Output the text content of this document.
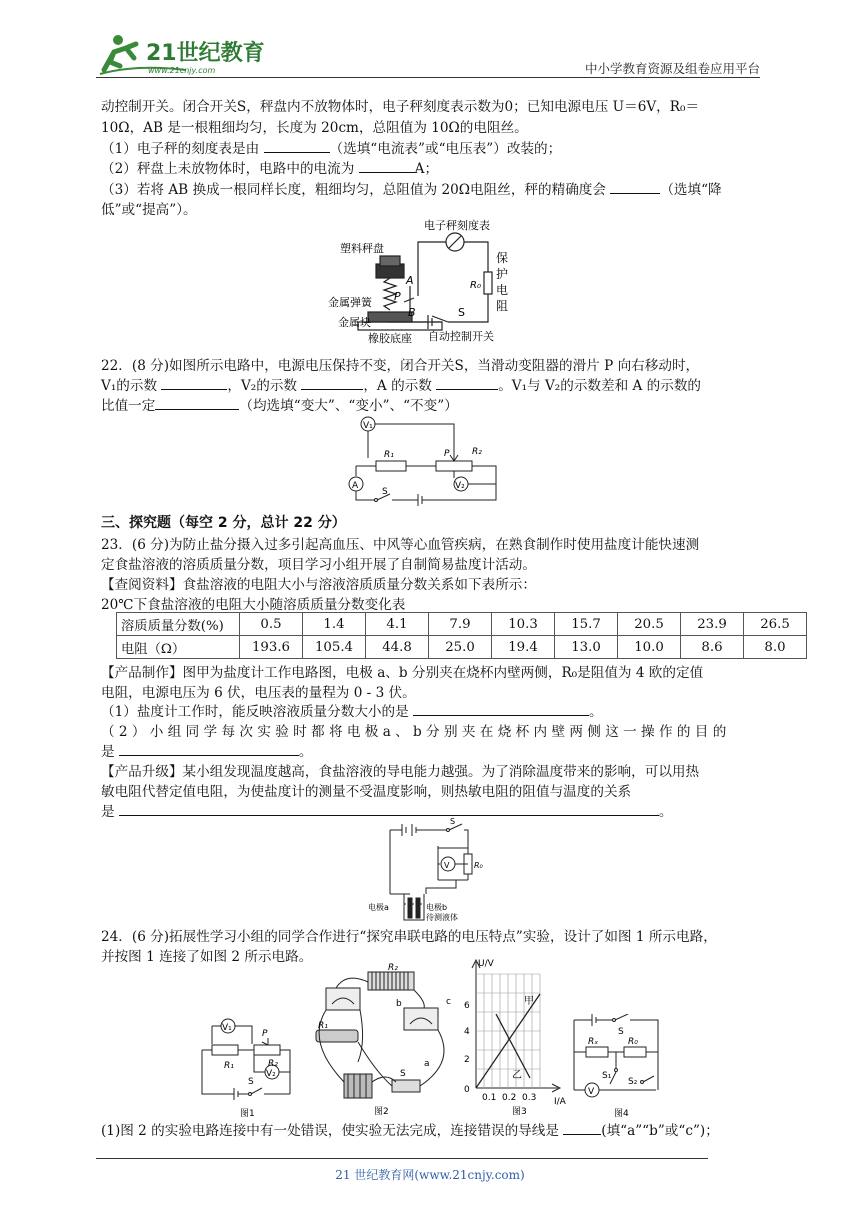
21世纪教育
www.21cnjy.com	中小学教育资源及组卷应用平台
动控制开关。闭合开关S，秤盘内不放物体时，电子秤刻度表示数为0；已知电源电压 U＝6V，R₀＝
10Ω，AB 是一根粗细均匀，长度为 20cm，总阻值为 10Ω的电阻丝。
（1）电子秤的刻度表是由	（选填“电流表”或“电压表”）改装的；
（2）秤盘上未放物体时，电路中的电流为	A；
（3）若将 AB 换成一根同样长度，粗细均匀，总阻值为 20Ω电阻丝，秤的精确度会	（选填“降
低”或“提高”）。
电子秤刻度表
塑料秤盘
金属弹簧
金属块
橡胶底座 自动控制开关
A
B
P
R₀
S
保
护
电
阻
22．(8 分)如图所示电路中，电源电压保持不变，闭合开关S，当滑动变阻器的滑片 P 向右移动时，
V₁的示数	，V₂的示数	，A 的示数	。V₁与 V₂的示数差和 A 的示数的
比值一定	（均选填“变大”、“变小”、“不变”）
V₁
A	V₂
R₁	R₂
P
S
三、探究题（每空 2 分，总计 22 分）
23．(6 分)为防止盐分摄入过多引起高血压、中风等心血管疾病，在熟食制作时使用盐度计能快速测
定食盐溶液的溶质质量分数，项目学习小组开展了自制简易盐度计活动。
【查阅资料】食盐溶液的电阻大小与溶液溶质质量分数关系如下表所示：
20℃下食盐溶液的电阻大小随溶质质量分数变化表
溶质质量分数(%)	0.5	1.4	4.1	7.9	10.3	15.7	20.5	23.9	26.5
电阻（Ω）	193.6	105.4	44.8	25.0	19.4	13.0	10.0	8.6	8.0
【产品制作】图甲为盐度计工作电路图，电极 a、b 分别夹在烧杯内壁两侧，R₀是阻值为 4 欧的定值
电阻，电源电压为 6 伏，电压表的量程为 0 - 3 伏。
（1）盐度计工作时，能反映溶液质量分数大小的是	。
（ 2 ） 小 组 同 学 每 次 实 验 时 都 将 电 极 a 、 b 分 别 夹 在 烧 杯 内 壁 两 侧 这 一 操 作 的 目 的
是	。
【产品升级】某小组发现温度越高，食盐溶液的导电能力越强。为了消除温度带来的影响，可以用热
敏电阻代替定值电阻，为使盐度计的测量不受温度影响，则热敏电阻的阻值与温度的关系
是	。
V	R₀
S
电极a	电极b
待测液体
24．(6 分)拓展性学习小组的同学合作进行“探究串联电路的电压特点”实验，设计了如图 1 所示电路，
并按图 1 连接了如图 2 所示电路。
V₁
V₂
R₁	R₂
P
S
图1
R₂
R₁
S
a
b	c
图2
U/V
I/A
6
4
2
0
0.1 0.2 0.3
甲
乙
图3
S
Rₓ	R₀
S₁
S₂
V
图4
(1)图 2 的实验电路连接中有一处错误，使实验无法完成，连接错误的导线是	(填“a”“b”或“c”)；
21 世纪教育网(www.21cnjy.com)
